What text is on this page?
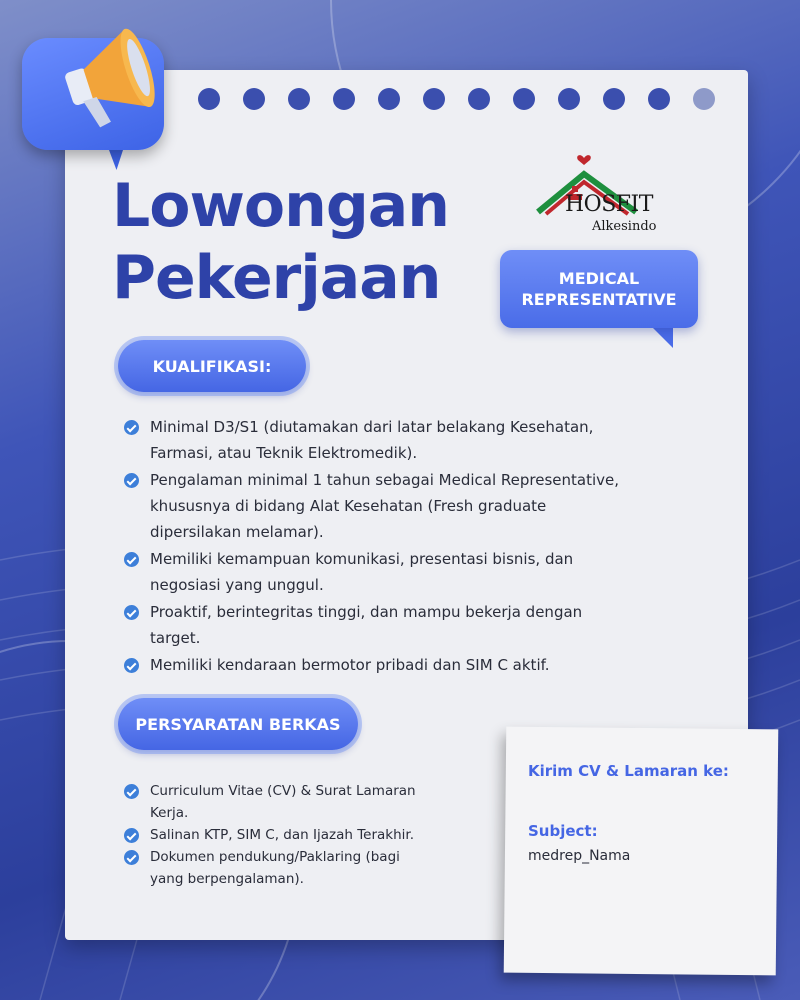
Lowongan
Pekerjaan
HOSFIT
Alkesindo
MEDICAL
REPRESENTATIVE
KUALIFIKASI:
Minimal D3/S1 (diutamakan dari latar belakang Kesehatan,
Farmasi, atau Teknik Elektromedik).
Pengalaman minimal 1 tahun sebagai Medical Representative,
khususnya di bidang Alat Kesehatan (Fresh graduate
dipersilakan melamar).
Memiliki kemampuan komunikasi, presentasi bisnis, dan
negosiasi yang unggul.
Proaktif, berintegritas tinggi, dan mampu bekerja dengan
target.
Memiliki kendaraan bermotor pribadi dan SIM C aktif.
PERSYARATAN BERKAS
Curriculum Vitae (CV) & Surat Lamaran
Kerja.
Salinan KTP, SIM C, dan Ijazah Terakhir.
Dokumen pendukung/Paklaring (bagi
yang berpengalaman).
Kirim CV & Lamaran ke:
Subject:
medrep_Nama
